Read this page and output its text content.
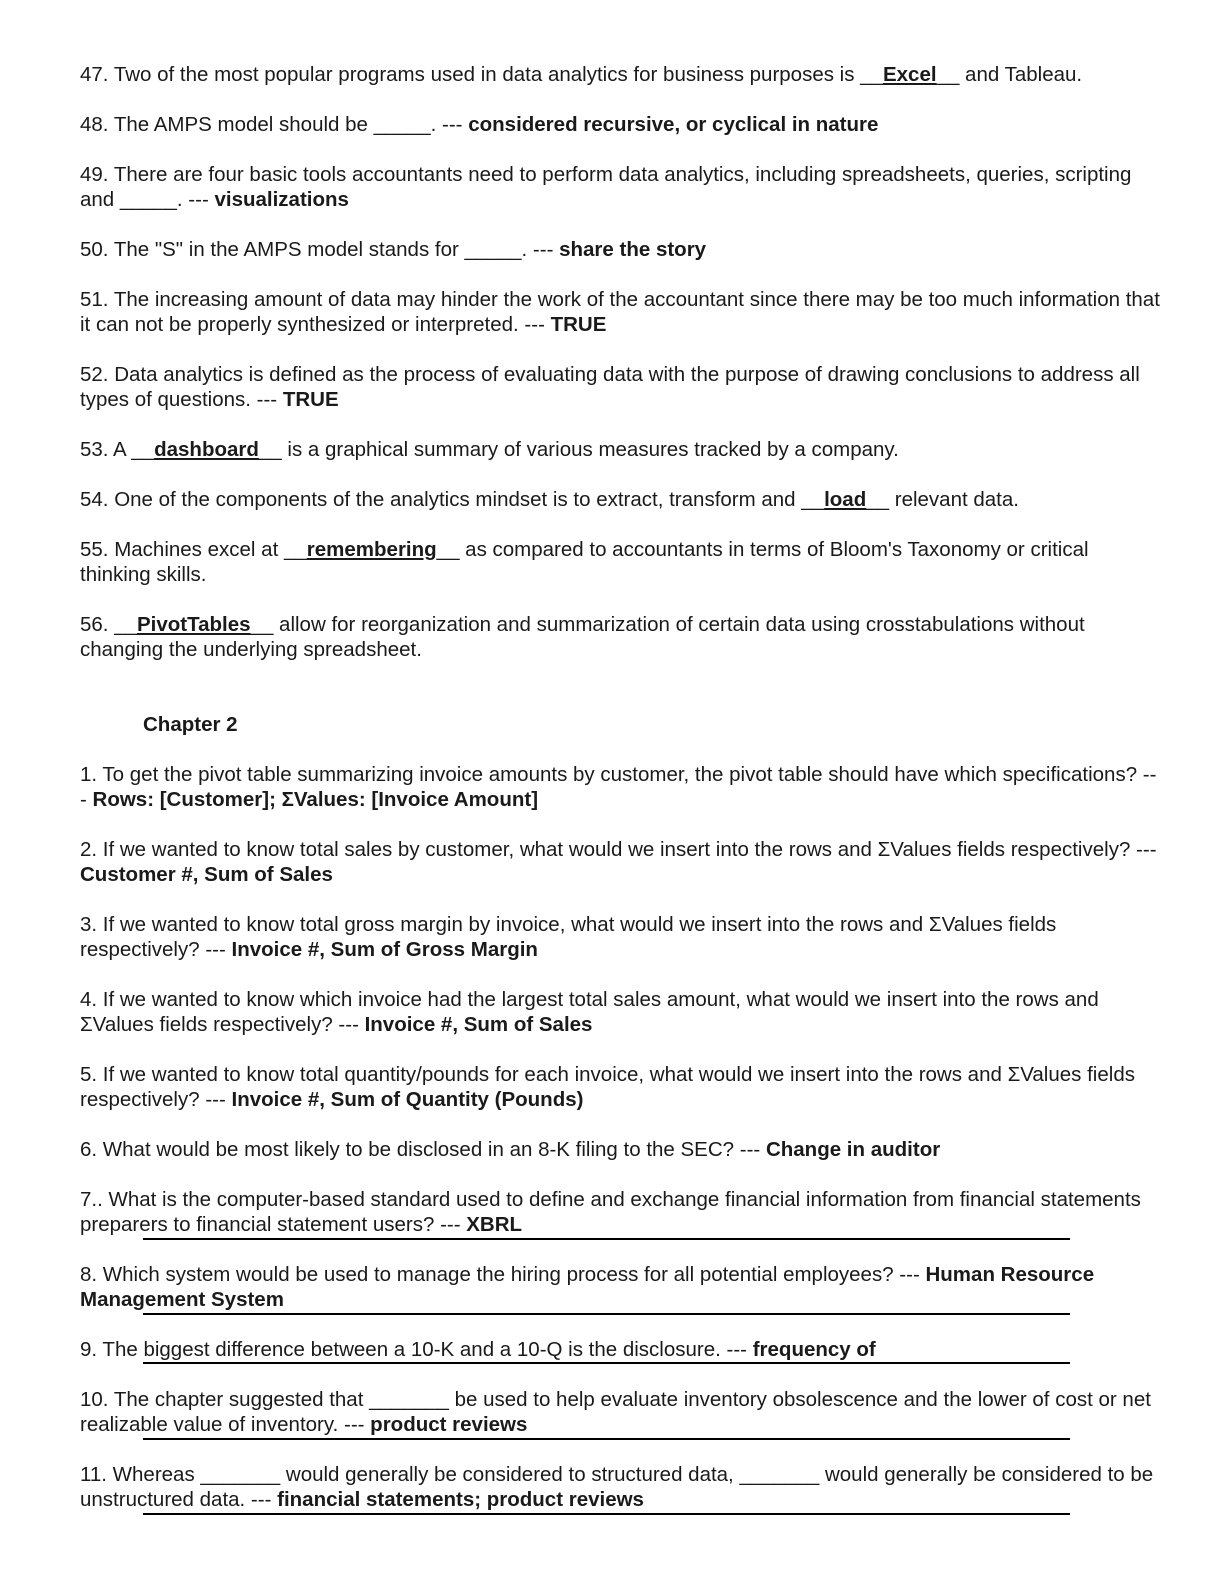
47. Two of the most popular programs used in data analytics for business purposes is __Excel__ and Tableau.
48. The AMPS model should be _____. --- considered recursive, or cyclical in nature
49. There are four basic tools accountants need to perform data analytics, including spreadsheets, queries, scripting and _____. --- visualizations
50. The "S" in the AMPS model stands for _____. --- share the story
51. The increasing amount of data may hinder the work of the accountant since there may be too much information that it can not be properly synthesized or interpreted. --- TRUE
52. Data analytics is defined as the process of evaluating data with the purpose of drawing conclusions to address all types of questions. --- TRUE
53. A __dashboard__ is a graphical summary of various measures tracked by a company.
54. One of the components of the analytics mindset is to extract, transform and __load__ relevant data.
55. Machines excel at __remembering__ as compared to accountants in terms of Bloom's Taxonomy or critical thinking skills.
56. __PivotTables__ allow for reorganization and summarization of certain data using crosstabulations without changing the underlying spreadsheet.
Chapter 2
1. To get the pivot table summarizing invoice amounts by customer, the pivot table should have which specifications? --- Rows: [Customer]; ΣValues: [Invoice Amount]
2. If we wanted to know total sales by customer, what would we insert into the rows and ΣValues fields respectively? --- Customer #, Sum of Sales
3. If we wanted to know total gross margin by invoice, what would we insert into the rows and ΣValues fields respectively? --- Invoice #, Sum of Gross Margin
4. If we wanted to know which invoice had the largest total sales amount, what would we insert into the rows and ΣValues fields respectively? --- Invoice #, Sum of Sales
5. If we wanted to know total quantity/pounds for each invoice, what would we insert into the rows and ΣValues fields respectively? --- Invoice #, Sum of Quantity (Pounds)
6. What would be most likely to be disclosed in an 8-K filing to the SEC? --- Change in auditor
7.. What is the computer-based standard used to define and exchange financial information from financial statements preparers to financial statement users? --- XBRL
8. Which system would be used to manage the hiring process for all potential employees? --- Human Resource Management System
9. The biggest difference between a 10-K and a 10-Q is the disclosure. --- frequency of
10. The chapter suggested that _______ be used to help evaluate inventory obsolescence and the lower of cost or net realizable value of inventory. --- product reviews
11. Whereas _______ would generally be considered to structured data, _______ would generally be considered to be unstructured data. --- financial statements; product reviews
